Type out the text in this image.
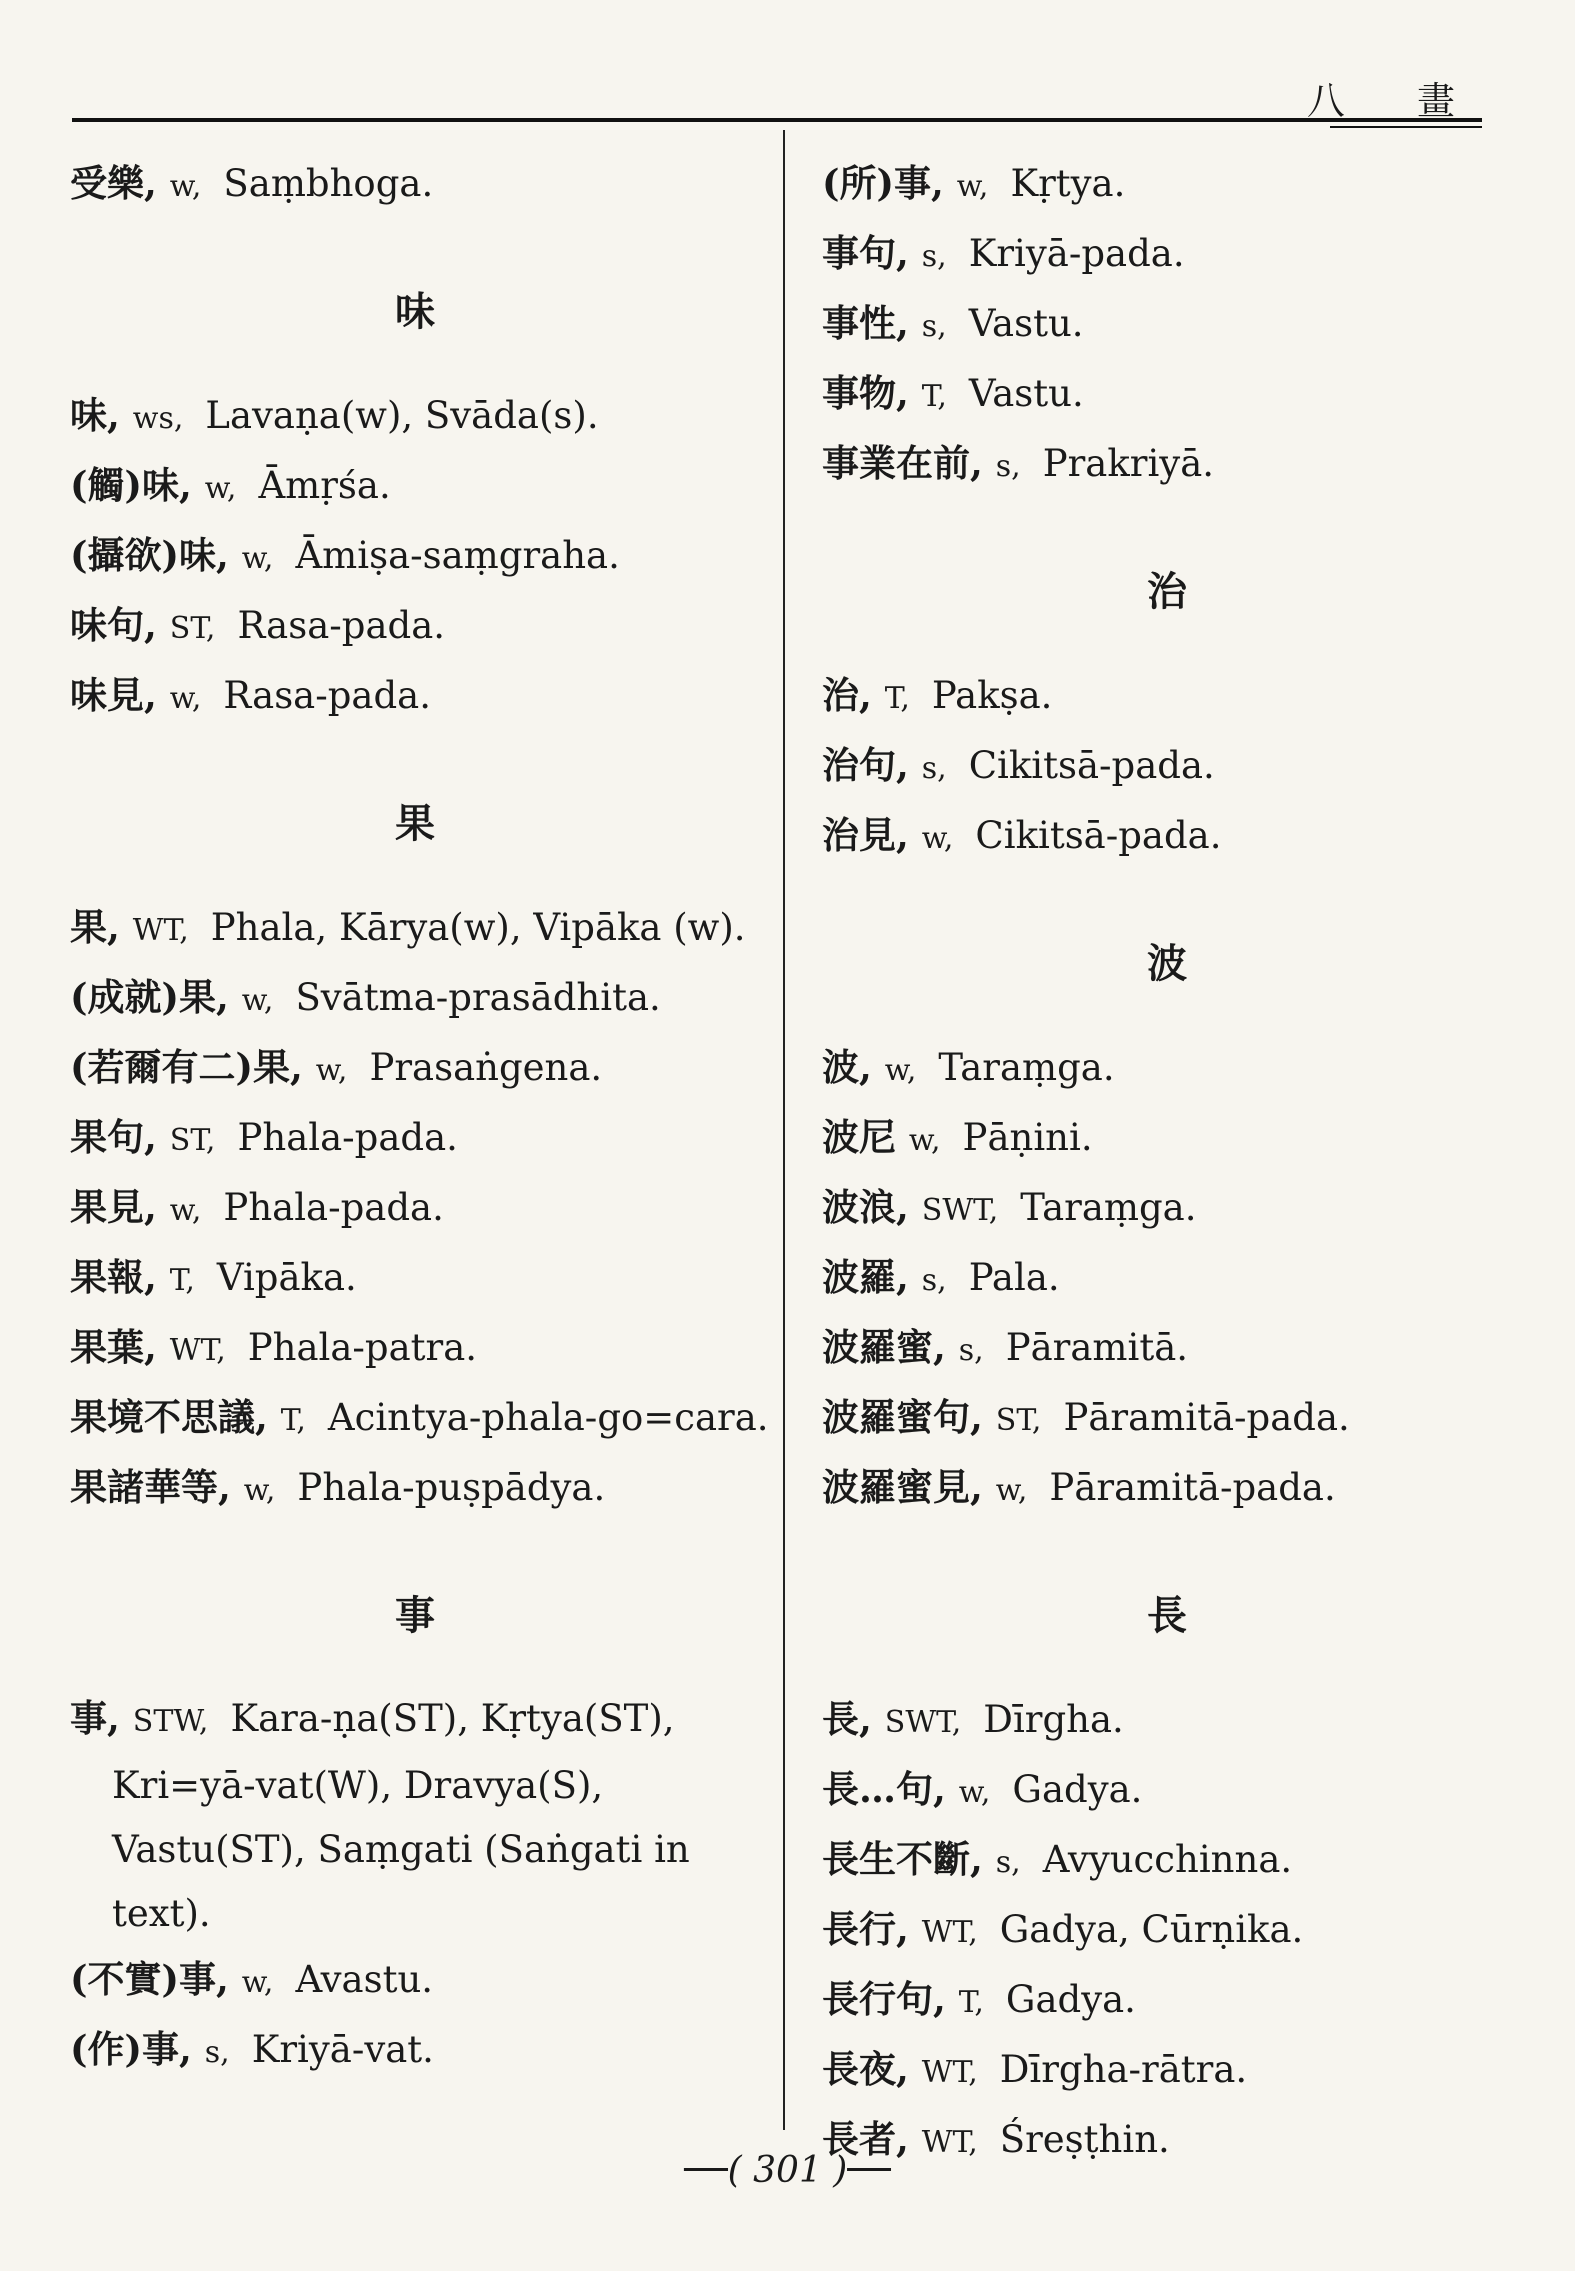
八 畫
受樂, w, Saṃbhoga.
味
味, ws, Lavaṇa(w), Svāda(s).
(觸)味, w, Āmṛśa.
(攝欲)味, w, Āmiṣa-saṃgraha.
味句, ST, Rasa-pada.
味見, w, Rasa-pada.
果
果, WT, Phala, Kārya(w), Vipāka (w).
(成就)果, w, Svātma-prasādhita.
(若爾有二)果, w, Prasaṅgena.
果句, ST, Phala-pada.
果見, w, Phala-pada.
果報, T, Vipāka.
果葉, WT, Phala-patra.
果境不思議, T, Acintya-phala-go=cara.
果諸華等, w, Phala-puṣpādya.
事
事, STW, Kara-ṇa(ST), Kṛtya(ST), Kri=yā-vat(W), Dravya(S), Vastu(ST), Saṃgati (Saṅgati in text).
(不實)事, w, Avastu.
(作)事, s, Kriyā-vat.
(所)事, w, Kṛtya.
事句, s, Kriyā-pada.
事性, s, Vastu.
事物, T, Vastu.
事業在前, s, Prakriyā.
治
治, T, Pakṣa.
治句, s, Cikitsā-pada.
治見, w, Cikitsā-pada.
波
波, w, Taraṃga.
波尼 w, Pāṇini.
波浪, SWT, Taraṃga.
波羅, s, Pala.
波羅蜜, s, Pāramitā.
波羅蜜句, ST, Pāramitā-pada.
波羅蜜見, w, Pāramitā-pada.
長
長, SWT, Dīrgha.
長…句, w, Gadya.
長生不斷, s, Avyucchinna.
長行, WT, Gadya, Cūrṇika.
長行句, T, Gadya.
長夜, WT, Dīrgha-rātra.
長者, WT, Śreṣṭhin.
──( 301 )──
